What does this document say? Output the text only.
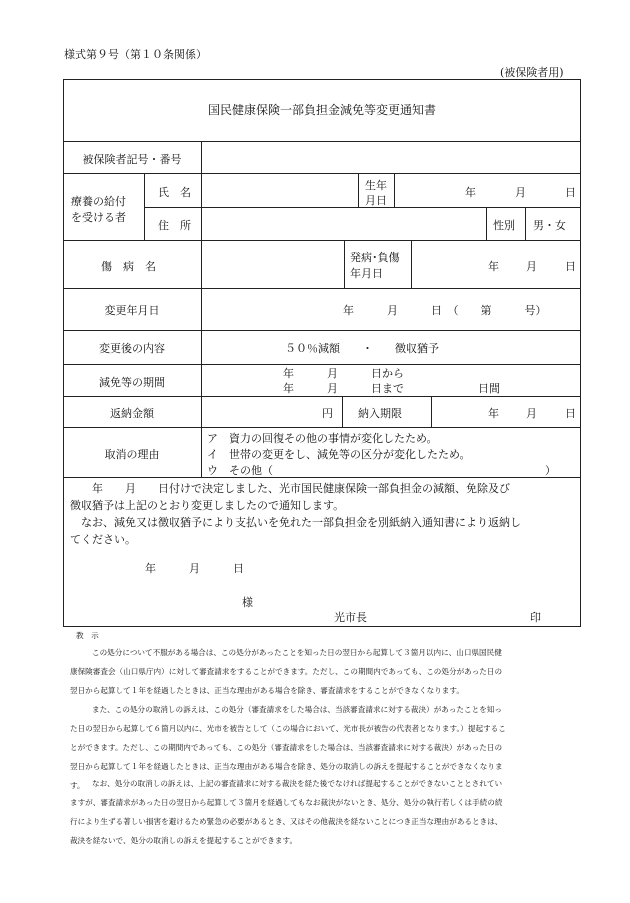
様式第９号（第１０条関係）
(被保険者用)
国民健康保険一部負担金減免等変更通知書
被保険者記号・番号
療養の給付
を受ける者
氏　名
生年
月日
年	月	日
住　所	性別 男・女
傷　病　名
発病･負傷
年月日
年 月	日
変更年月日	年　　　月　　　日　（　　第　　　号）
変更後の内容	５０％減額　　・　　徴収猶予
減免等の期間
年　　　月　　　日から
年　　　月　　　日まで	日間
返納金額	円 納入期限	年 月	日
取消の理由
ア　資力の回復その他の事情が変化したため。
イ　世帯の変更をし、減免等の区分が変化したため。
ウ　その他（	）
　　年　　月　　日付けで決定しました、光市国民健康保険一部負担金の減額、免除及び
徴収猶予は上記のとおり変更しましたので通知します。
　なお、減免又は徴収猶予により支払いを免れた一部負担金を別紙納入通知書により返納し
てください。
年　　　月　　　日
様
光市長	印
教　示
この処分について不服がある場合は、この処分があったことを知った日の翌日から起算して３箇月以内に、山口県国民健
康保険審査会（山口県庁内）に対して審査請求をすることができます。ただし、この期間内であっても、この処分があった日の
翌日から起算して１年を経過したときは、正当な理由がある場合を除き、審査請求をすることができなくなります。
また、この処分の取消しの訴えは、この処分（審査請求をした場合は、当該審査請求に対する裁決）があったことを知っ
た日の翌日から起算して６箇月以内に、光市を被告として（この場合において、光市長が被告の代表者となります。）提起するこ
とができます。ただし、この期間内であっても、この処分（審査請求をした場合は、当該審査請求に対する裁決）があった日の
翌日から起算して１年を経過したときは、正当な理由がある場合を除き、処分の取消しの訴えを提起することができなくなりま
す。 なお、処分の取消しの訴えは、上記の審査請求に対する裁決を経た後でなければ提起することができないこととされてい
ますが、審査請求があった日の翌日から起算して３箇月を経過してもなお裁決がないとき、処分、処分の執行若しくは手続の続
行により生ずる著しい損害を避けるため緊急の必要があるとき、又はその他裁決を経ないことにつき正当な理由があるときは、
裁決を経ないで、処分の取消しの訴えを提起することができます。
